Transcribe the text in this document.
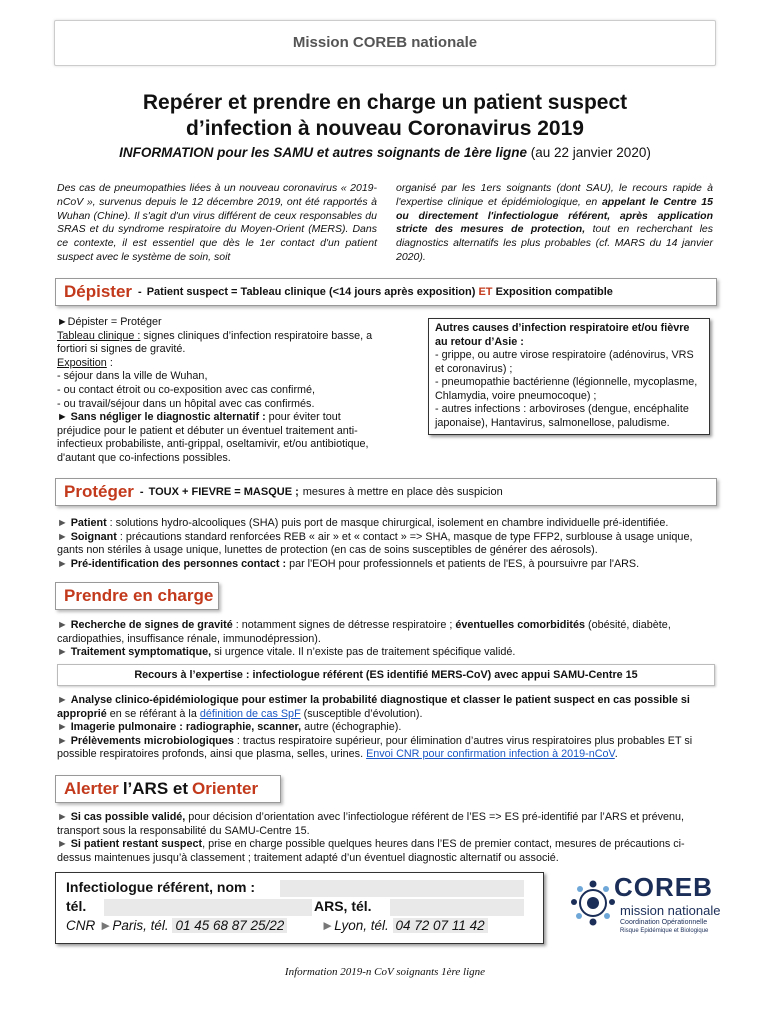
Mission COREB nationale
Repérer et prendre en charge un patient suspect
d’infection à nouveau Coronavirus 2019
INFORMATION pour les SAMU et autres soignants de 1ère ligne (au 22 janvier 2020)
Des cas de pneumopathies liées à un nouveau coronavirus « 2019-nCoV », survenus depuis le 12 décembre 2019, ont été rapportés à Wuhan (Chine). Il s'agit d'un virus différent de ceux responsables du SRAS et du syndrome respiratoire du Moyen-Orient (MERS). Dans ce contexte, il est essentiel que dès le 1er contact d'un patient suspect avec le système de soin, soit
organisé par les 1ers soignants (dont SAU), le recours rapide à l'expertise clinique et épidémiologique, en appelant le Centre 15 ou directement l'infectiologue référent, après application stricte des mesures de protection, tout en recherchant les diagnostics alternatifs les plus probables (cf. MARS du 14 janvier 2020).
Dépister - Patient suspect = Tableau clinique (<14 jours après exposition) ET Exposition compatible
►Dépister = Protéger
Tableau clinique : signes cliniques d’infection respiratoire basse, a fortiori si signes de gravité.
Exposition :
- séjour dans la ville de Wuhan,
- ou contact étroit ou co-exposition avec cas confirmé,
- ou travail/séjour dans un hôpital avec cas confirmés.
► Sans négliger le diagnostic alternatif : pour éviter tout préjudice pour le patient et débuter un éventuel traitement anti-infectieux probabiliste, anti-grippal, oseltamivir, et/ou antibiotique, d'autant que co-infections possibles.
Autres causes d’infection respiratoire et/ou fièvre au retour d’Asie :
- grippe, ou autre virose respiratoire (adénovirus, VRS et coronavirus) ;
- pneumopathie bactérienne (légionnelle, mycoplasme, Chlamydia, voire pneumocoque) ;
- autres infections : arboviroses (dengue, encéphalite japonaise), Hantavirus, salmonellose, paludisme.
Protéger - TOUX + FIEVRE = MASQUE ; mesures à mettre en place dès suspicion
► Patient : solutions hydro-alcooliques (SHA) puis port de masque chirurgical, isolement en chambre individuelle pré-identifiée.
► Soignant : précautions standard renforcées REB « air » et « contact » => SHA, masque de type FFP2, surblouse à usage unique, gants non stériles à usage unique, lunettes de protection (en cas de soins susceptibles de générer des aérosols).
► Pré-identification des personnes contact : par l'EOH pour professionnels et patients de l'ES, à poursuivre par l'ARS.
Prendre en charge
► Recherche de signes de gravité : notamment signes de détresse respiratoire ; éventuelles comorbidités (obésité, diabète, cardiopathies, insuffisance rénale, immunodépression).
► Traitement symptomatique, si urgence vitale. Il n’existe pas de traitement spécifique validé.
Recours à l’expertise : infectiologue référent (ES identifié MERS-CoV) avec appui SAMU-Centre 15
► Analyse clinico-épidémiologique pour estimer la probabilité diagnostique et classer le patient suspect en cas possible si approprié en se référant à la définition de cas SpF (susceptible d’évolution).
► Imagerie pulmonaire : radiographie, scanner, autre (échographie).
► Prélèvements microbiologiques : tractus respiratoire supérieur, pour élimination d’autres virus respiratoires plus probables ET si possible respiratoires profonds, ainsi que plasma, selles, urines. Envoi CNR pour confirmation infection à 2019-nCoV.
Alerter l’ARS et Orienter
► Si cas possible validé, pour décision d’orientation avec l’infectiologue référent de l’ES => ES pré-identifié par l’ARS et prévenu, transport sous la responsabilité du SAMU-Centre 15.
► Si patient restant suspect, prise en charge possible quelques heures dans l’ES de premier contact, mesures de précautions ci-dessus maintenues jusqu’à classement ; traitement adapté d’un éventuel diagnostic alternatif ou associé.
Infectiologue référent, nom :
tél.	ARS, tél.
CNR ►Paris, tél. 01 45 68 87 25/22	►Lyon, tél. 04 72 07 11 42
COREB
mission nationale
Coordination Opérationnelle
Risque Epidémique et Biologique
Information 2019-n CoV soignants 1ère ligne
